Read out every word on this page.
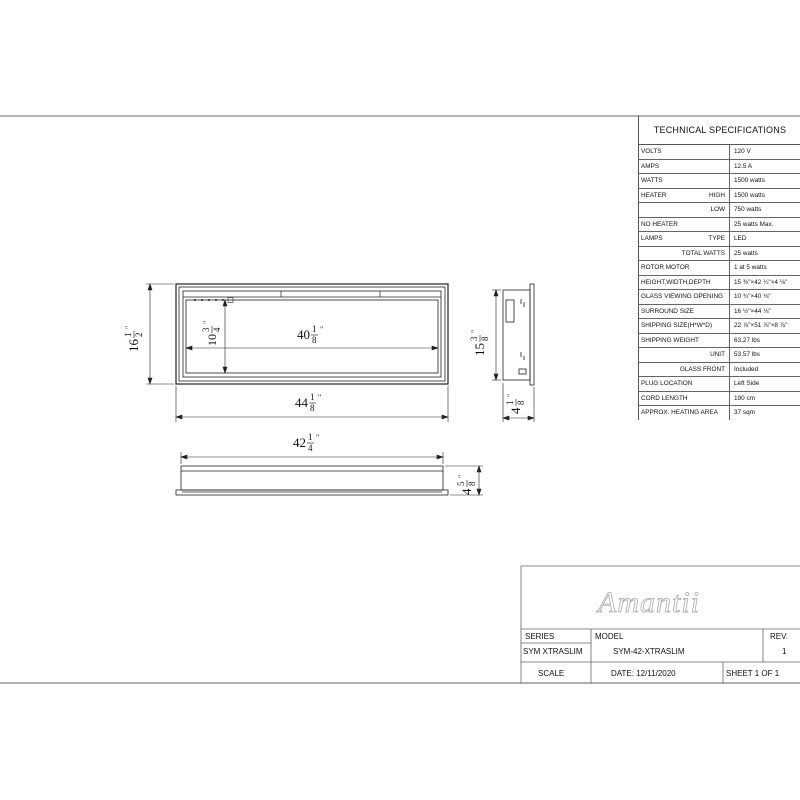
16
1 2
"
10
3 4
"
40 1
8
"
44 1
8
"
15
3 8
"
4
1 8
"
42 1
4
"
4
5 8
"
Amantii
TECHNICAL SPECIFICATIONS
VOLTS	120 V
AMPS	12.5 A
WATTS	1500 watts
HEATER	HIGH	1500 watts
LOW	750 watts
NO HEATER	25 watts Max.
LAMPS	TYPE	LED
TOTAL WATTS	25 watts
ROTOR MOTOR	1 at 5 watts
HEIGHT,WIDTH,DEPTH	15 ⅜"×42 ¼"×4 ⅛"
GLASS VIEWING OPENING	10 ¾"×40 ⅛"
SURROUND SIZE	16 ½"×44 ⅛"
SHIPPING SIZE(H*W*D)	22 ⅞"×51 ⅞"×8 ⅞"
SHIPPING WEIGHT	63.27 lbs
UNIT	53.57 lbs
GLASS FRONT	Included
PLUG LOCATION	Left Side
CORD LENGTH	190 cm
APPROX. HEATING AREA	37 sqm
SERIES
SYM XTRASLIM
MODEL
SYM-42-XTRASLIM
REV.
1
SCALE	DATE: 12/11/2020	SHEET 1 OF 1
